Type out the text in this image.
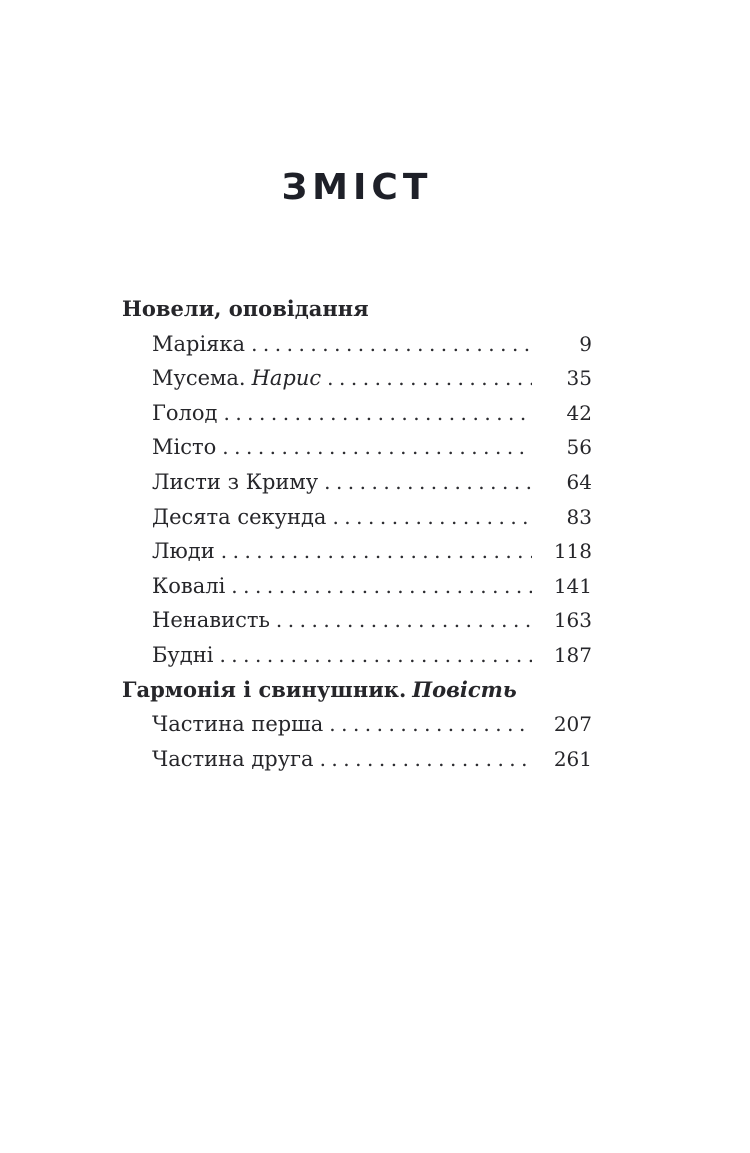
ЗМІСТ
Новели, оповідання
Маріяка .....	9
Мусема. Нарис .....	35
Голод .....	42
Місто .....	56
Листи з Криму .....	64
Десята секунда .....	83
Люди .....	118
Ковалі .....	141
Ненависть .....	163
Будні .....	187
Гармонія і свинушник. Повість
Частина перша .....	207
Частина друга .....	261
